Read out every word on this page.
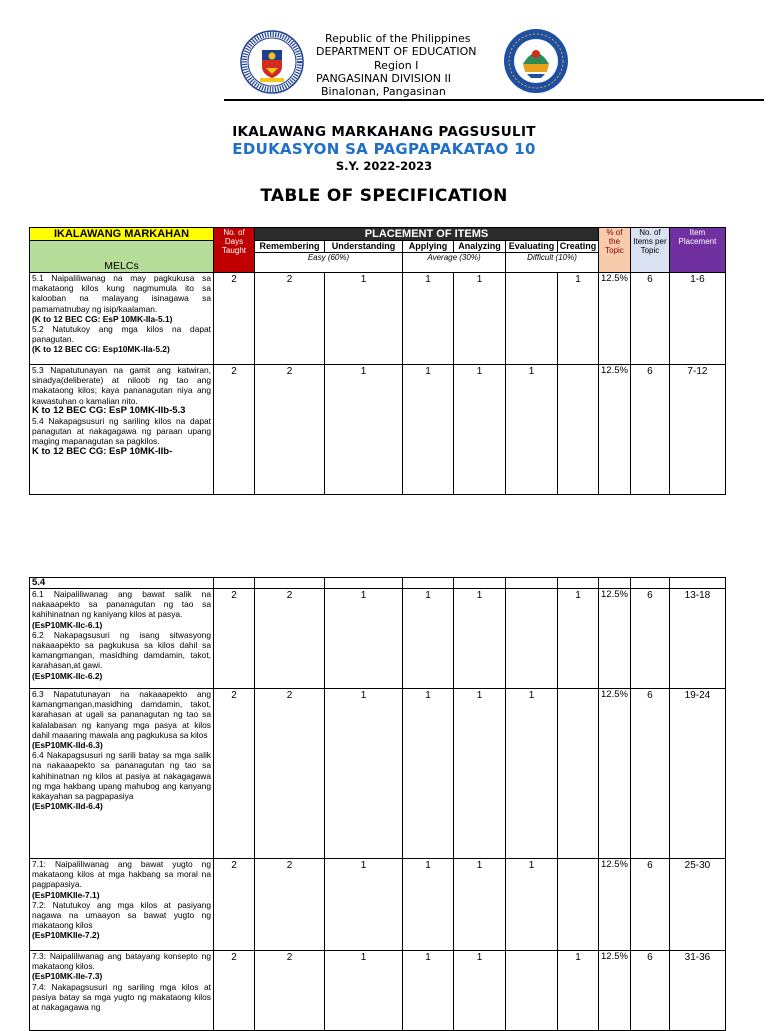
Republic of the Philippines
DEPARTMENT OF EDUCATION
Region I
PANGASINAN DIVISION II
Binalonan, Pangasinan
IKALAWANG MARKAHANG PAGSUSULIT
EDUKASYON SA PAGPAPAKATAO 10
S.Y. 2022-2023
TABLE OF SPECIFICATION
IKALAWANG MARKAHAN	No. of Days Taught	PLACEMENT OF ITEMS						% of the Topic	No. of Items per Topic	Item Placement
MELCs		Remembering	Understanding	Applying	Analyzing	Evaluating	Creating			
		Easy (60%)		Average (30%)		Difficult (10%)				

5.1 Naipaliliwanag na may pagkukusa sa makataong kilos kung nagmumula ito sa kalooban na malayang isinagawa sa pamamatnubay ng isip/kaalaman.

(K to 12 BEC CG: EsP 10MK-IIa-5.1)

5.2 Natutukoy ang mga kilos na dapat panagutan.

(K to 12 BEC CG: Esp10MK-IIa-5.2)	2	2	1	1	1		1	12.5%	6	1-6

5.3 Napatutunayan na gamit ang katwiran, sinadya(deliberate) at niloob ng tao ang makataong kilos; kaya pananagutan niya ang kawastuhan o kamalian nito.

K to 12 BEC CG: EsP 10MK-IIb-5.3

5.4 Nakapagsusuri ng sariling kilos na dapat panagutan at nakagagawa ng paraan upang maging mapanagutan sa pagkilos.

K to 12 BEC CG: EsP 10MK-IIb-	2	2	1	1	1	1		12.5%	6	7-12
5.4										

6.1 Naipaliliwanag ang bawat salik na nakaaapekto sa pananagutan ng tao sa kahihinatnan ng kaniyang kilos at pasya.

(EsP10MK-IIc-6.1)

6.2 Nakapagsusuri ng isang sitwasyong nakaaapekto sa pagkukusa sa kilos dahil sa kamangmangan, masidhing damdamin, takot, karahasan,at gawi.

(EsP10MK-IIc-6.2)	2	2	1	1	1		1	12.5%	6	13-18

6.3 Napatutunayan na nakaaapekto ang kamangmangan,masidhing damdamin, takot, karahasan at ugali sa pananagutan ng tao sa kalalabasan ng kanyang mga pasya at kilos dahil maaaring mawala ang pagkukusa sa kilos

(EsP10MK-IId-6.3)

6.4 Nakapagsusuri ng sarili batay sa mga salik na nakaaapekto sa pananagutan ng tao sa kahihinatnan ng kilos at pasiya at nakagagawa ng mga hakbang upang mahubog ang kanyang kakayahan sa pagpapasiya

(EsP10MK-IId-6.4)	2	2	1	1	1	1		12.5%	6	19-24

7.1: Naipaliliwanag ang bawat yugto ng makataong kilos at mga hakbang sa moral na pagpapasiya.

(EsP10MKIIe-7.1)

7.2: Natutukoy ang mga kilos at pasiyang nagawa na umaayon sa bawat yugto ng makataong kilos

(EsP10MKIIe-7.2)	2	2	1	1	1	1		12.5%	6	25-30

7.3: Naipaliliwanag ang batayang konsepto ng makataong kilos.

(EsP10MK-IIe-7.3)

7.4: Nakapagsusuri ng sariling mga kilos at pasiya batay sa mga yugto ng makataong kilos at nakagagawa ng	2	2	1	1	1		1	12.5%	6	31-36
